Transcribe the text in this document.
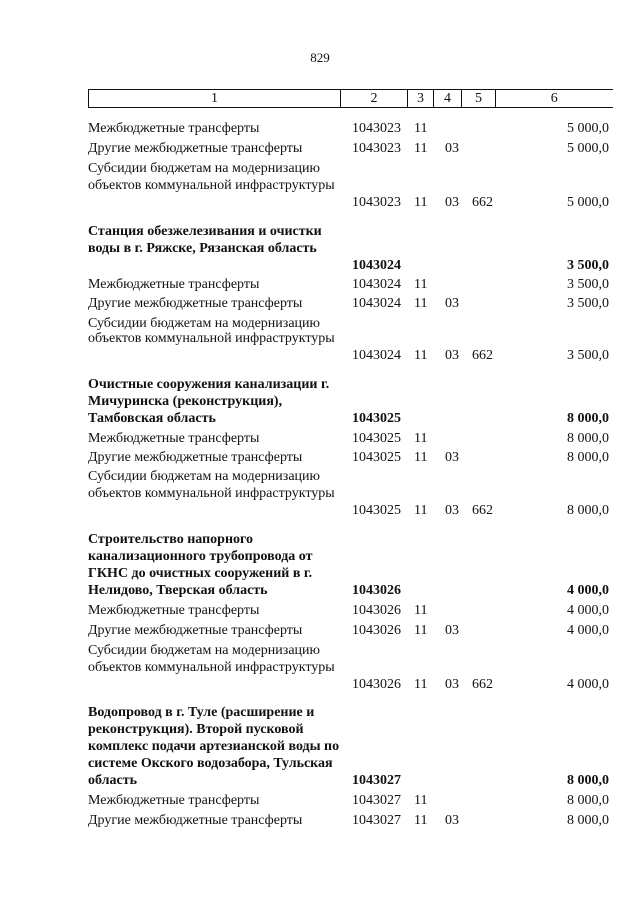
829
1	2	3	4	5	6
Межбюджетные трансферты	1043023 11	5 000,0
Другие межбюджетные трансферты	1043023 11 03	5 000,0
Субсидии бюджетам на модернизацию объектов коммунальной инфраструктуры
1043023 11 03 662	5 000,0
Станция обезжелезивания и очистки воды в г. Ряжске, Рязанская область
1043024	3 500,0
Межбюджетные трансферты	1043024 11	3 500,0
Другие межбюджетные трансферты	1043024 11 03	3 500,0
Субсидии бюджетам на модернизацию объектов коммунальной инфраструктуры
1043024 11 03 662	3 500,0
Очистные сооружения канализации г. Мичуринска (реконструкция), Тамбовская область	1043025	8 000,0
Межбюджетные трансферты	1043025 11	8 000,0
Другие межбюджетные трансферты	1043025 11 03	8 000,0
Субсидии бюджетам на модернизацию объектов коммунальной инфраструктуры
1043025 11 03 662	8 000,0
Строительство напорного канализационного трубопровода от ГКНС до очистных сооружений в г. Нелидово, Тверская область	1043026	4 000,0
Межбюджетные трансферты	1043026 11	4 000,0
Другие межбюджетные трансферты	1043026 11 03	4 000,0
Субсидии бюджетам на модернизацию объектов коммунальной инфраструктуры
1043026 11 03 662	4 000,0
Водопровод в г. Туле (расширение и реконструкция). Второй пусковой комплекс подачи артезианской воды по системе Окского водозабора, Тульская область	1043027	8 000,0
Межбюджетные трансферты	1043027 11	8 000,0
Другие межбюджетные трансферты	1043027 11 03	8 000,0
